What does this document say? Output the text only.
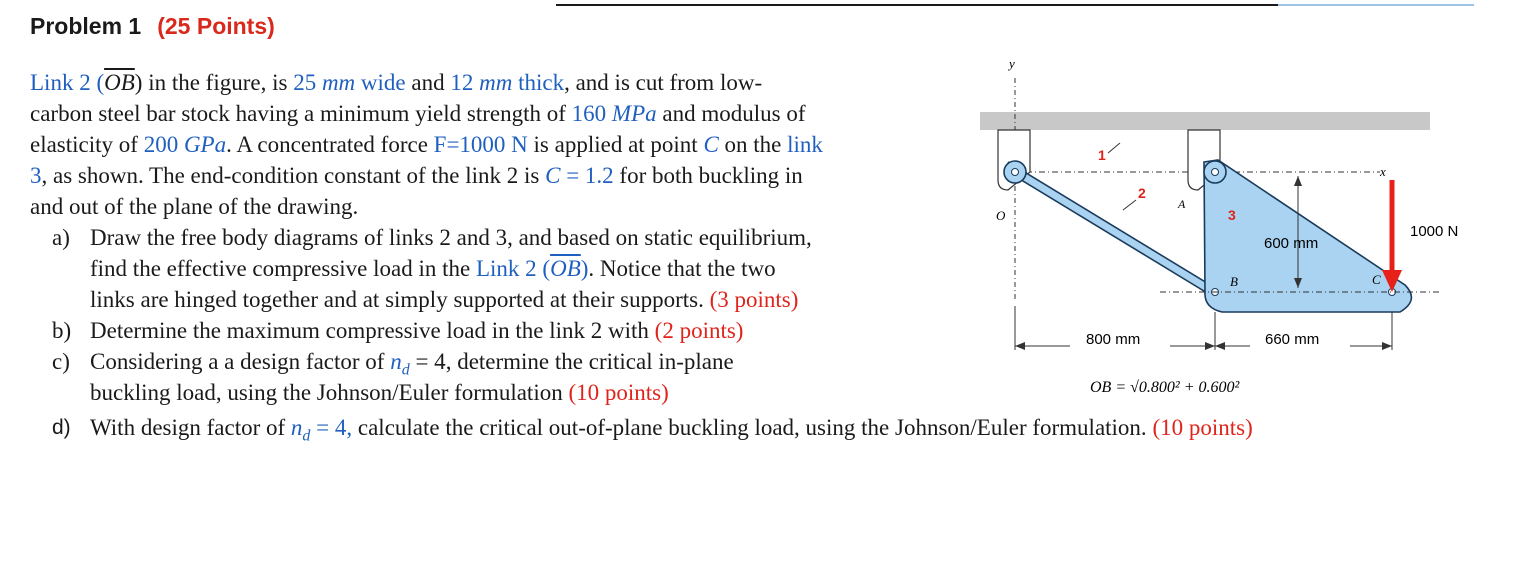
Problem 1 (25 Points)
Link 2 $(\overline{OB})$ in the figure, is 25 mm wide and 12 mm thick, and is cut from low-
carbon steel bar stock having a minimum yield strength of 160 MPa and modulus of
elasticity of 200 GPa. A concentrated force F=1000 N is applied at point C on the link
3, as shown. The end-condition constant of the link 2 is C = 1.2 for both buckling in
and out of the plane of the drawing.
a) Draw the free body diagrams of links 2 and 3, and based on static equilibrium,
find the effective compressive load in the Link 2 $(\overline{OB})$. Notice that the two
links are hinged together and at simply supported at their supports. (3 points)
b) Determine the maximum compressive load in the link 2 with (2 points)
c) Considering a a design factor of $n_d = 4$, determine the critical in-plane
buckling load, using the Johnson/Euler formulation (10 points)
d) With design factor of $n_d = 4$, calculate the critical out-of-plane buckling load, using the Johnson/Euler formulation. (10 points)
y
x
600 mm
1000 N
O
A
B	C
1
2
3
800 mm	660 mm
OB = √0.800² + 0.600²
